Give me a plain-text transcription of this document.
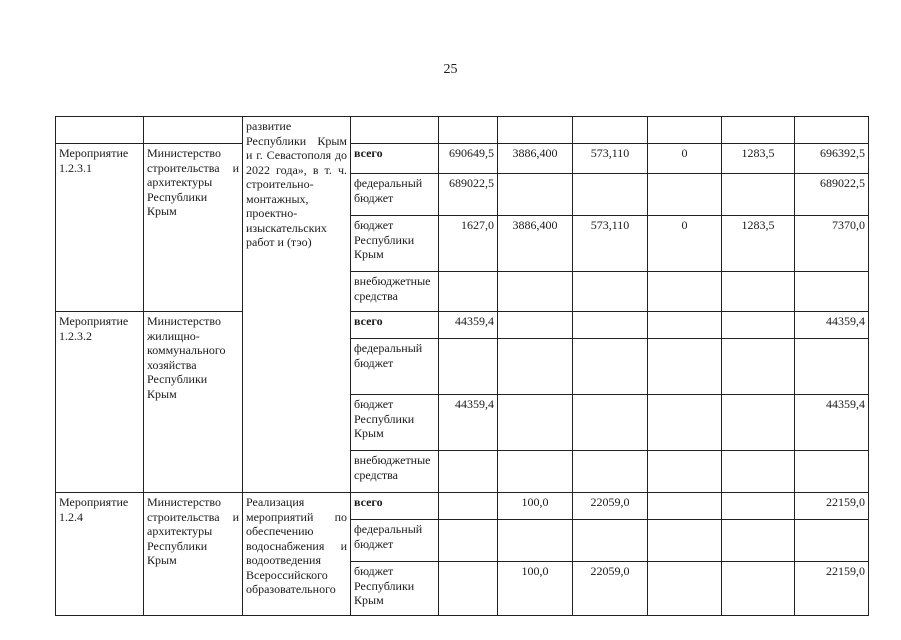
25
		развитие Республики Крым и г. Севастополя до 2022 года», в т. ч. строительно-монтажных, проектно-изыскательских работ и (тэо)							
Мероприятие 1.2.3.1	Министерство строительства и архитектуры Республики Крым		всего	690649,5	3886,400	573,110	0	1283,5	696392,5
			федеральный бюджет	689022,5					689022,5
			бюджет Республики Крым	1627,0	3886,400	573,110	0	1283,5	7370,0
			внебюджетные средства						
Мероприятие 1.2.3.2	Министерство жилищно-коммунального хозяйства Республики Крым		всего	44359,4					44359,4
			федеральный бюджет						
			бюджет Республики Крым	44359,4					44359,4
			внебюджетные средства						
Мероприятие 1.2.4	Министерство строительства и архитектуры Республики Крым	Реализация мероприятий по обеспечению водоснабжения и водоотведения Всероссийского образовательного	всего		100,0	22059,0			22159,0
			федеральный бюджет						
			бюджет Республики Крым		100,0	22059,0			22159,0
